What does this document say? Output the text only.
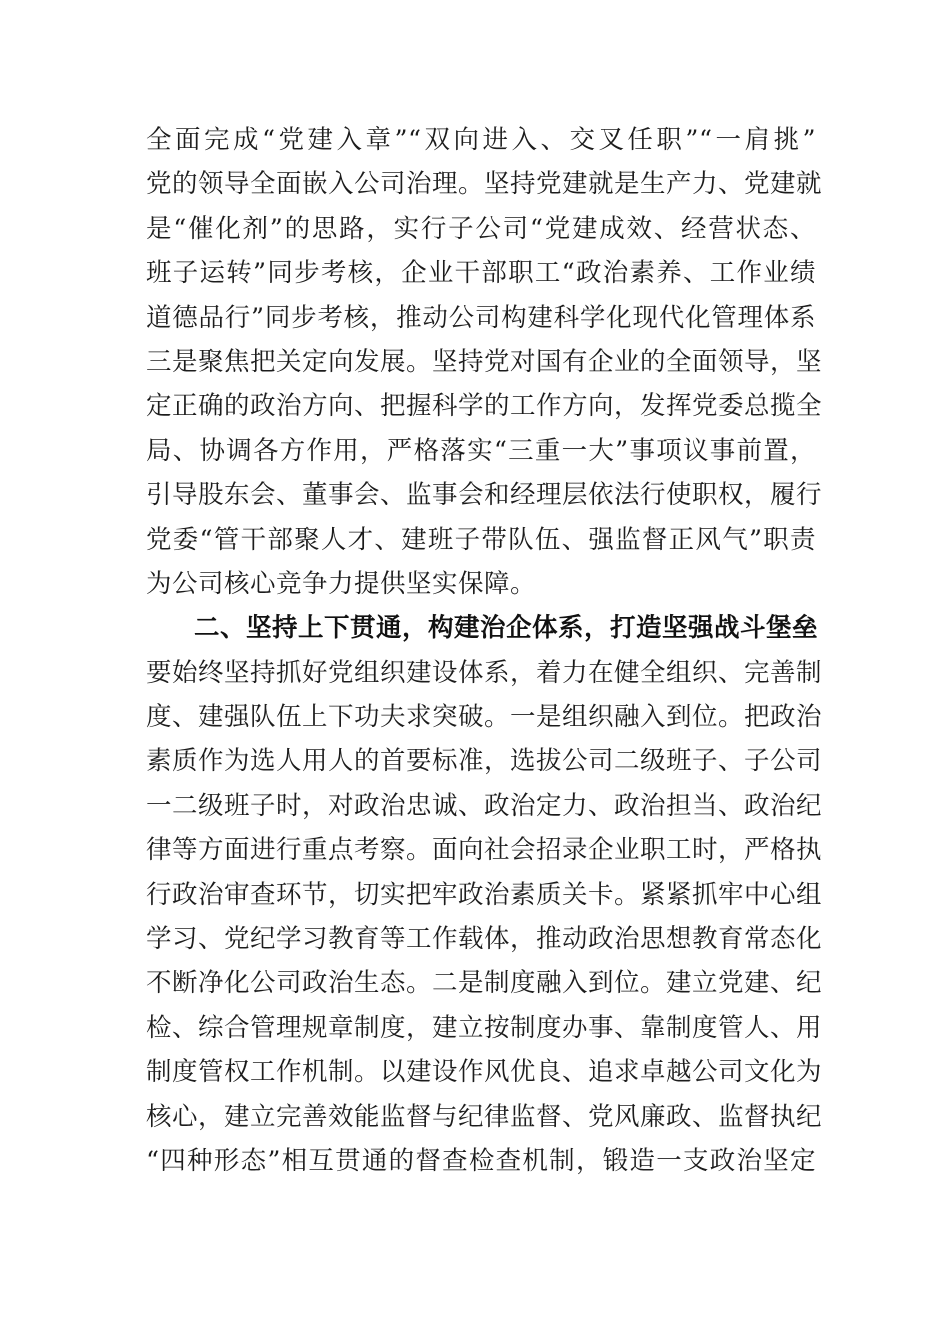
全面完成“党建入章”“双向进入、交叉任职”“一肩挑”
党的领导全面嵌入公司治理。坚持党建就是生产力、党建就
是“催化剂”的思路，实行子公司“党建成效、经营状态、
班子运转”同步考核，企业干部职工“政治素养、工作业绩
道德品行”同步考核，推动公司构建科学化现代化管理体系
三是聚焦把关定向发展。坚持党对国有企业的全面领导，坚
定正确的政治方向、把握科学的工作方向，发挥党委总揽全
局、协调各方作用，严格落实“三重一大”事项议事前置，
引导股东会、董事会、监事会和经理层依法行使职权，履行
党委“管干部聚人才、建班子带队伍、强监督正风气”职责
为公司核心竞争力提供坚实保障。
二、坚持上下贯通，构建治企体系，打造坚强战斗堡垒
要始终坚持抓好党组织建设体系，着力在健全组织、完善制
度、建强队伍上下功夫求突破。一是组织融入到位。把政治
素质作为选人用人的首要标准，选拔公司二级班子、子公司
一二级班子时，对政治忠诚、政治定力、政治担当、政治纪
律等方面进行重点考察。面向社会招录企业职工时，严格执
行政治审查环节，切实把牢政治素质关卡。紧紧抓牢中心组
学习、党纪学习教育等工作载体，推动政治思想教育常态化
不断净化公司政治生态。二是制度融入到位。建立党建、纪
检、综合管理规章制度，建立按制度办事、靠制度管人、用
制度管权工作机制。以建设作风优良、追求卓越公司文化为
核心，建立完善效能监督与纪律监督、党风廉政、监督执纪
“四种形态”相互贯通的督查检查机制，锻造一支政治坚定
